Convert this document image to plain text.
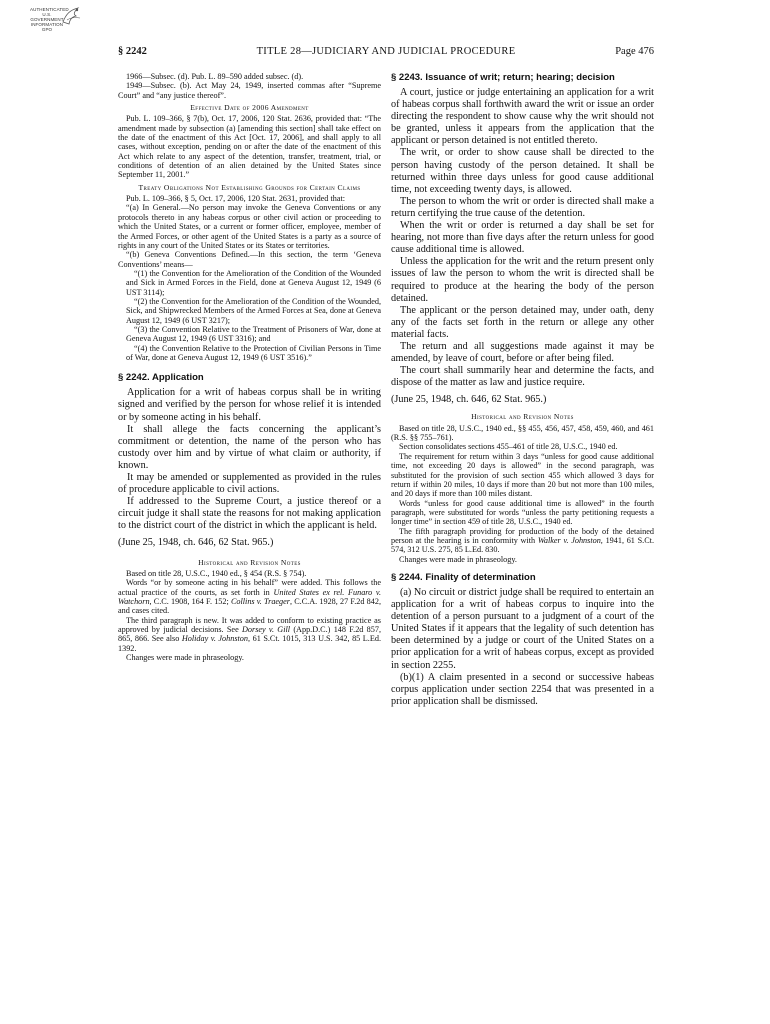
AUTHENTICATED
U.S. GOVERNMENT
INFORMATION
GPO
TITLE 28—JUDICIARY AND JUDICIAL PROCEDURE
§ 2242	Page 476

1966—Subsec. (d). Pub. L. 89–590 added subsec. (d).

1949—Subsec. (b). Act May 24, 1949, inserted commas after “Supreme Court” and “any justice thereof”.

Effective Date of 2006 Amendment

Pub. L. 109–366, § 7(b), Oct. 17, 2006, 120 Stat. 2636, provided that: “The amendment made by subsection (a) [amending this section] shall take effect on the date of the enactment of this Act [Oct. 17, 2006], and shall apply to all cases, without exception, pending on or after the date of the enactment of this Act which relate to any aspect of the detention, transfer, treatment, trial, or conditions of detention of an alien detained by the United States since September 11, 2001.”

Treaty Obligations Not Establishing Grounds for Certain Claims

Pub. L. 109–366, § 5, Oct. 17, 2006, 120 Stat. 2631, provided that:

“(a) In General.—No person may invoke the Geneva Conventions or any protocols thereto in any habeas corpus or other civil action or proceeding to which the United States, or a current or former officer, employee, member of the Armed Forces, or other agent of the United States is a party as a source of rights in any court of the United States or its States or territories.

“(b) Geneva Conventions Defined.—In this section, the term ‘Geneva Conventions’ means—

“(1) the Convention for the Amelioration of the Condition of the Wounded and Sick in Armed Forces in the Field, done at Geneva August 12, 1949 (6 UST 3114);

“(2) the Convention for the Amelioration of the Condition of the Wounded, Sick, and Shipwrecked Members of the Armed Forces at Sea, done at Geneva August 12, 1949 (6 UST 3217);

“(3) the Convention Relative to the Treatment of Prisoners of War, done at Geneva August 12, 1949 (6 UST 3316); and

“(4) the Convention Relative to the Protection of Civilian Persons in Time of War, done at Geneva August 12, 1949 (6 UST 3516).”

§ 2242. Application

Application for a writ of habeas corpus shall be in writing signed and verified by the person for whose relief it is intended or by someone acting in his behalf.

It shall allege the facts concerning the applicant’s commitment or detention, the name of the person who has custody over him and by virtue of what claim or authority, if known.

It may be amended or supplemented as provided in the rules of procedure applicable to civil actions.

If addressed to the Supreme Court, a justice thereof or a circuit judge it shall state the reasons for not making application to the district court of the district in which the applicant is held.

(June 25, 1948, ch. 646, 62 Stat. 965.)

Historical and Revision Notes

Based on title 28, U.S.C., 1940 ed., § 454 (R.S. § 754).

Words “or by someone acting in his behalf” were added. This follows the actual practice of the courts, as set forth in United States ex rel. Funaro v. Watchorn, C.C. 1908, 164 F. 152; Collins v. Traeger, C.C.A. 1928, 27 F.2d 842, and cases cited.

The third paragraph is new. It was added to conform to existing practice as approved by judicial decisions. See Dorsey v. Gill (App.D.C.) 148 F.2d 857, 865, 866. See also Holiday v. Johnston, 61 S.Ct. 1015, 313 U.S. 342, 85 L.Ed. 1392.

Changes were made in phraseology.

§ 2243. Issuance of writ; return; hearing; decision

A court, justice or judge entertaining an application for a writ of habeas corpus shall forthwith award the writ or issue an order directing the respondent to show cause why the writ should not be granted, unless it appears from the application that the applicant or person detained is not entitled thereto.

The writ, or order to show cause shall be directed to the person having custody of the person detained. It shall be returned within three days unless for good cause additional time, not exceeding twenty days, is allowed.

The person to whom the writ or order is directed shall make a return certifying the true cause of the detention.

When the writ or order is returned a day shall be set for hearing, not more than five days after the return unless for good cause additional time is allowed.

Unless the application for the writ and the return present only issues of law the person to whom the writ is directed shall be required to produce at the hearing the body of the person detained.

The applicant or the person detained may, under oath, deny any of the facts set forth in the return or allege any other material facts.

The return and all suggestions made against it may be amended, by leave of court, before or after being filed.

The court shall summarily hear and determine the facts, and dispose of the matter as law and justice require.

(June 25, 1948, ch. 646, 62 Stat. 965.)

Historical and Revision Notes

Based on title 28, U.S.C., 1940 ed., §§ 455, 456, 457, 458, 459, 460, and 461 (R.S. §§ 755–761).

Section consolidates sections 455–461 of title 28, U.S.C., 1940 ed.

The requirement for return within 3 days “unless for good cause additional time, not exceeding 20 days is allowed” in the second paragraph, was substituted for the provision of such section 455 which allowed 3 days for return if within 20 miles, 10 days if more than 20 but not more than 100 miles, and 20 days if more than 100 miles distant.

Words “unless for good cause additional time is allowed” in the fourth paragraph, were substituted for words “unless the party petitioning requests a longer time” in section 459 of title 28, U.S.C., 1940 ed.

The fifth paragraph providing for production of the body of the detained person at the hearing is in conformity with Walker v. Johnston, 1941, 61 S.Ct. 574, 312 U.S. 275, 85 L.Ed. 830.

Changes were made in phraseology.

§ 2244. Finality of determination

(a) No circuit or district judge shall be required to entertain an application for a writ of habeas corpus to inquire into the detention of a person pursuant to a judgment of a court of the United States if it appears that the legality of such detention has been determined by a judge or court of the United States on a prior application for a writ of habeas corpus, except as provided in section 2255.

(b)(1) A claim presented in a second or successive habeas corpus application under section 2254 that was presented in a prior application shall be dismissed.
